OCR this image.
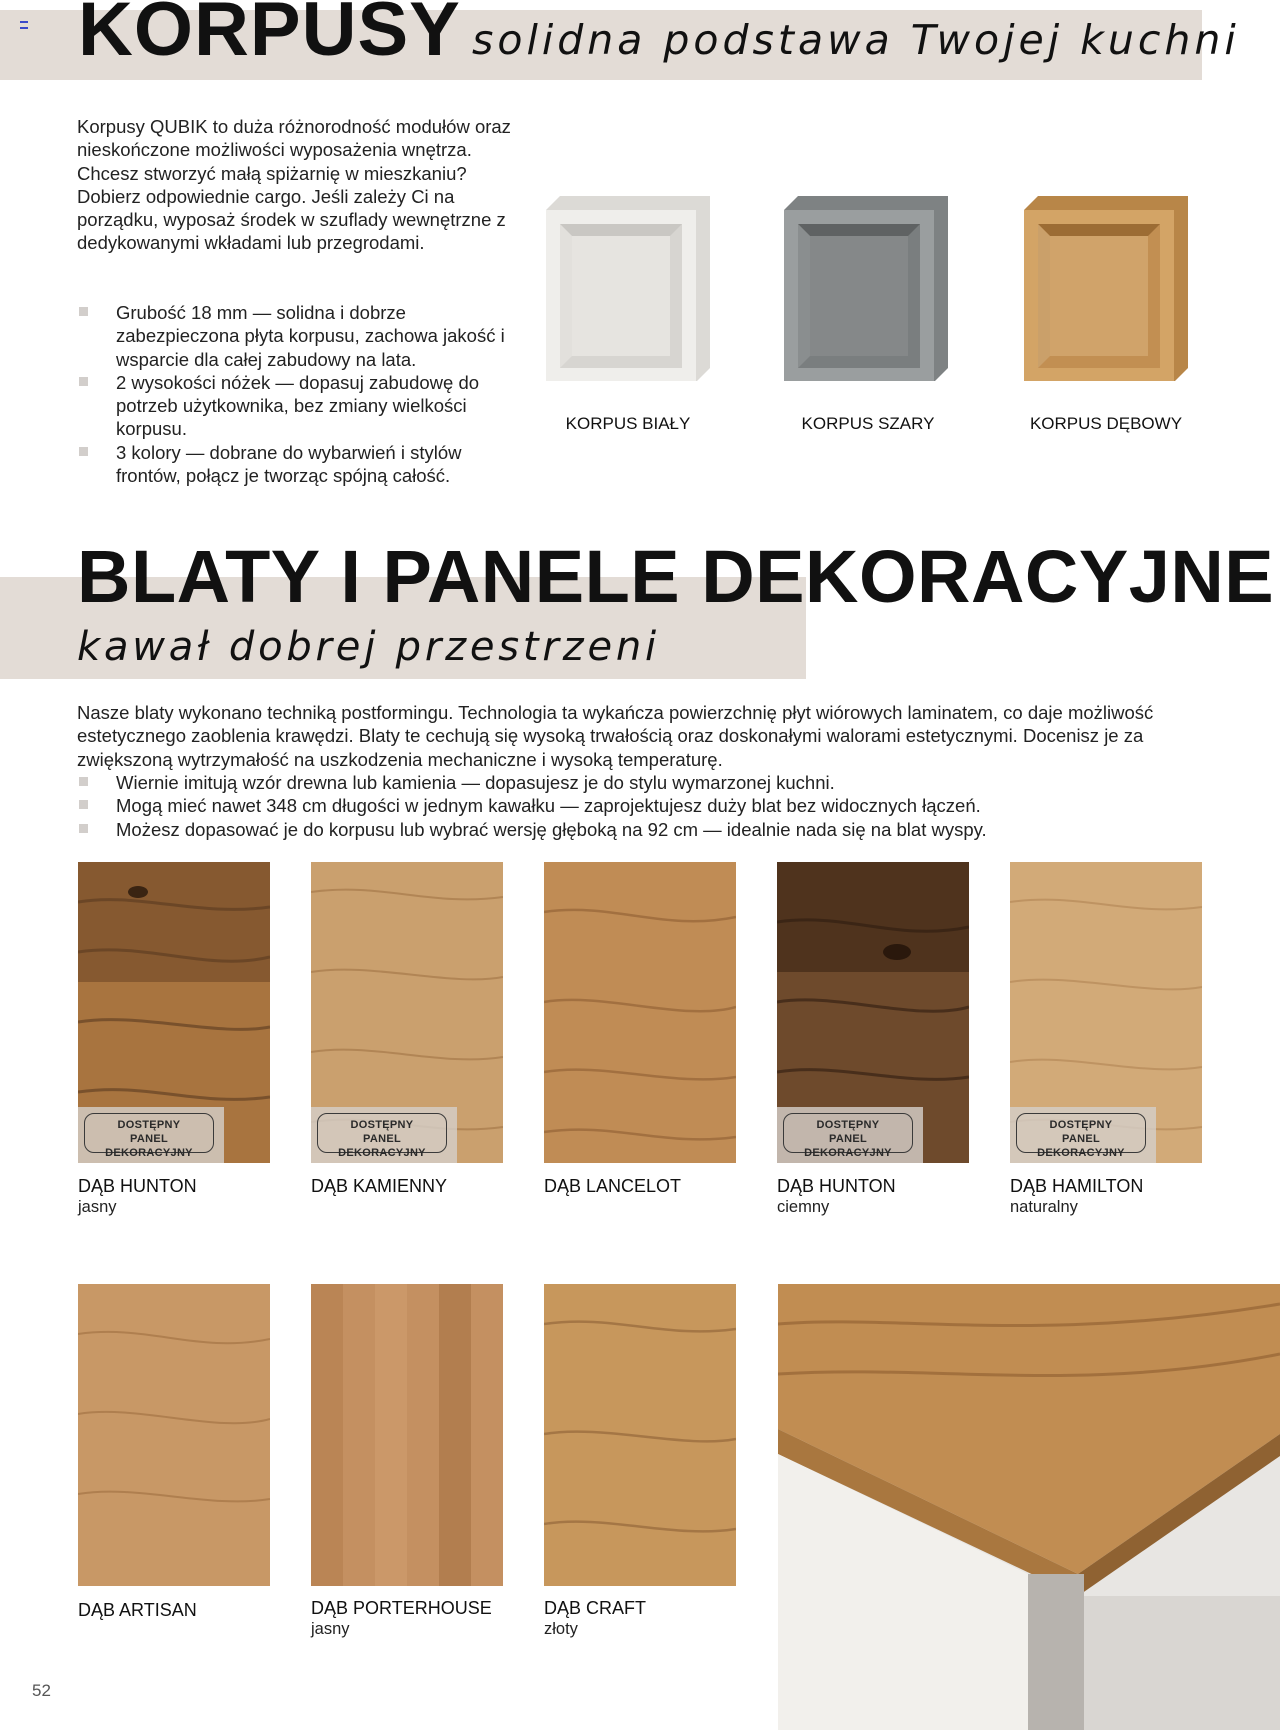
KORPUSY solidna podstawa Twojej kuchni

Korpusy QUBIK to duża różnorodność modułów oraz nieskończone możliwości wyposażenia wnętrza. Chcesz stworzyć małą spiżarnię w mieszkaniu? Dobierz odpowiednie cargo. Jeśli zależy Ci na porządku, wyposaż środek w szuflady wewnętrzne z dedykowanymi wkładami lub przegrodami.

Grubość 18 mm — solidna i dobrze zabezpieczona płyta korpusu, zachowa jakość i wsparcie dla całej zabudowy na lata.
2 wysokości nóżek — dopasuj zabudowę do potrzeb użytkownika, bez zmiany wielkości korpusu.
3 kolory — dobrane do wybarwień i stylów frontów, połącz je tworząc spójną całość.
KORPUS BIAŁY	KORPUS SZARY	KORPUS DĘBOWY
BLATY I PANELE DEKORACYJNE
kawał dobrej przestrzeni

Nasze blaty wykonano techniką postformingu. Technologia ta wykańcza powierzchnię płyt wiórowych laminatem, co daje możliwość estetycznego zaoblenia krawędzi. Blaty te cechują się wysoką trwałością oraz doskonałymi walorami estetycznymi. Docenisz je za zwiększoną wytrzymałość na uszkodzenia mechaniczne i wysoką temperaturę.

Wiernie imitują wzór drewna lub kamienia — dopasujesz je do stylu wymarzonej kuchni.
Mogą mieć nawet 348 cm długości w jednym kawałku — zaprojektujesz duży blat bez widocznych łączeń.
Możesz dopasować je do korpusu lub wybrać wersję głęboką na 92 cm — idealnie nada się na blat wyspy.
DOSTĘPNY
PANEL DEKORACYJNY
DOSTĘPNY
PANEL DEKORACYJNY
DOSTĘPNY
PANEL DEKORACYJNY
DOSTĘPNY
PANEL DEKORACYJNY
DĄB HUNTON
jasny
DĄB KAMIENNY	DĄB LANCELOT	DĄB HUNTON
ciemny
DĄB HAMILTON
naturalny
DĄB ARTISAN	DĄB PORTERHOUSE
jasny
DĄB CRAFT
złoty
52
